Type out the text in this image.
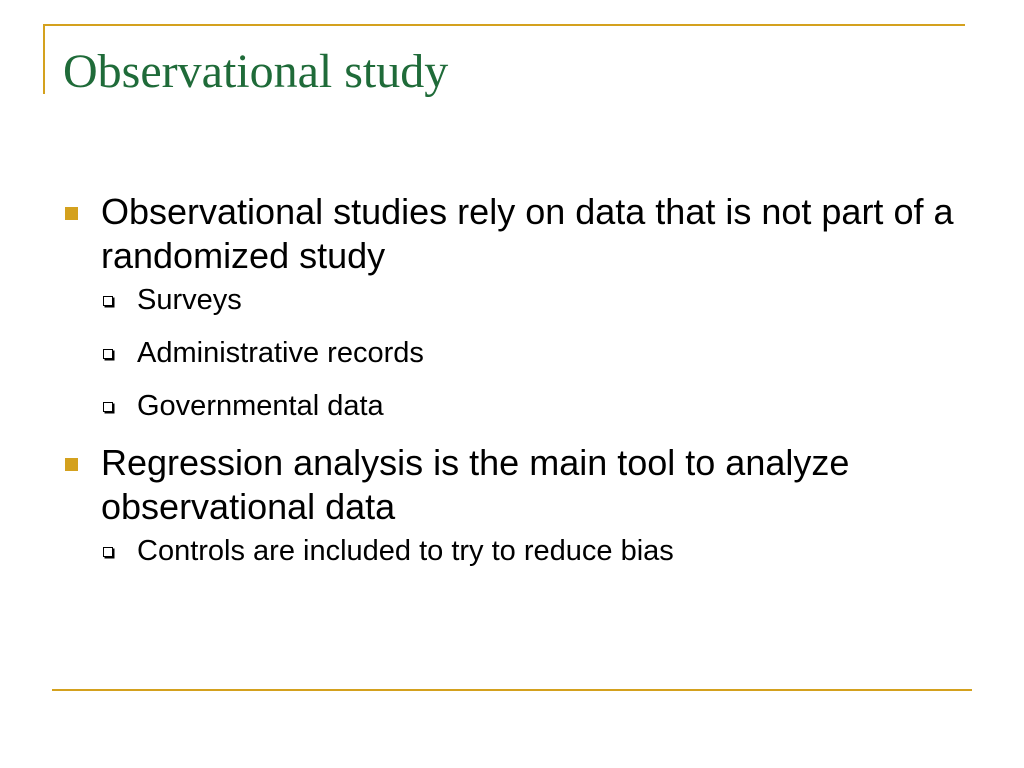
Observational study
Observational studies rely on data that is not part of a randomized study
Surveys
Administrative records
Governmental data
Regression analysis is the main tool to analyze observational data
Controls are included to try to reduce bias
